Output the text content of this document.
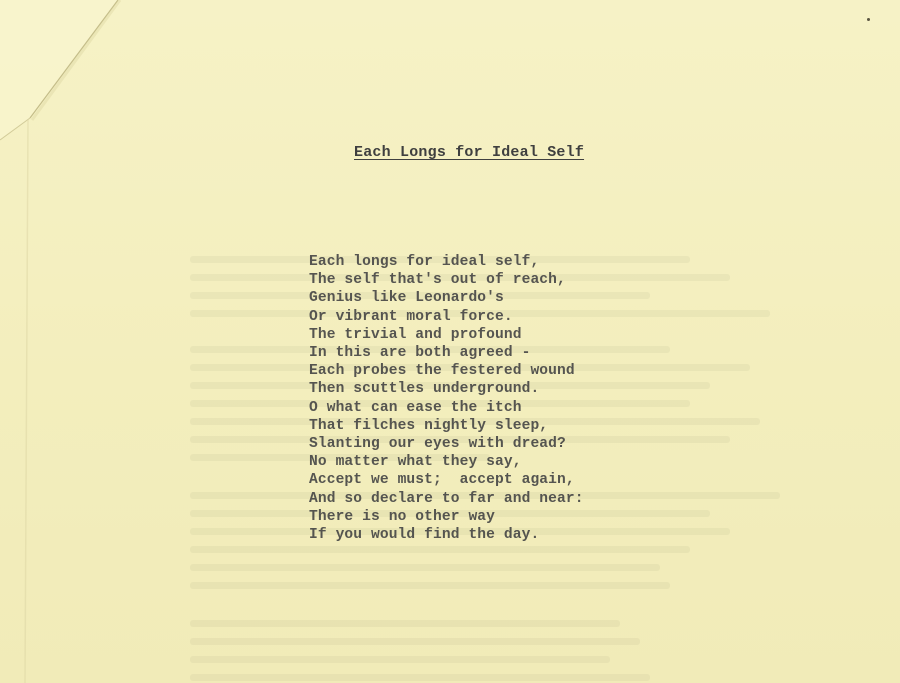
Each Longs for Ideal Self
Each longs for ideal self,
The self that's out of reach,
Genius like Leonardo's
Or vibrant moral force.
The trivial and profound
In this are both agreed -
Each probes the festered wound
Then scuttles underground.
O what can ease the itch
That filches nightly sleep,
Slanting our eyes with dread?
No matter what they say,
Accept we must;  accept again,
And so declare to far and near:
There is no other way
If you would find the day.
